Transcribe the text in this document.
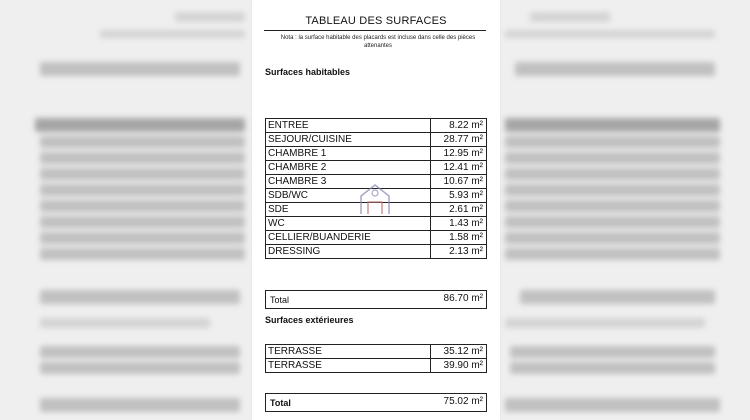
TABLEAU DES SURFACES
Nota : la surface habitable des placards est incluse dans celle des pièces attenantes
Surfaces habitables
ENTREE	8.22 m²
SEJOUR/CUISINE	28.77 m²
CHAMBRE 1	12.95 m²
CHAMBRE 2	12.41 m²
CHAMBRE 3	10.67 m²
SDB/WC	5.93 m²
SDE	2.61 m²
WC	1.43 m²
CELLIER/BUANDERIE	1.58 m²
DRESSING	2.13 m²
Total	86.70 m²
Surfaces extérieures
TERRASSE	35.12 m²
TERRASSE	39.90 m²
Total	75.02 m²
